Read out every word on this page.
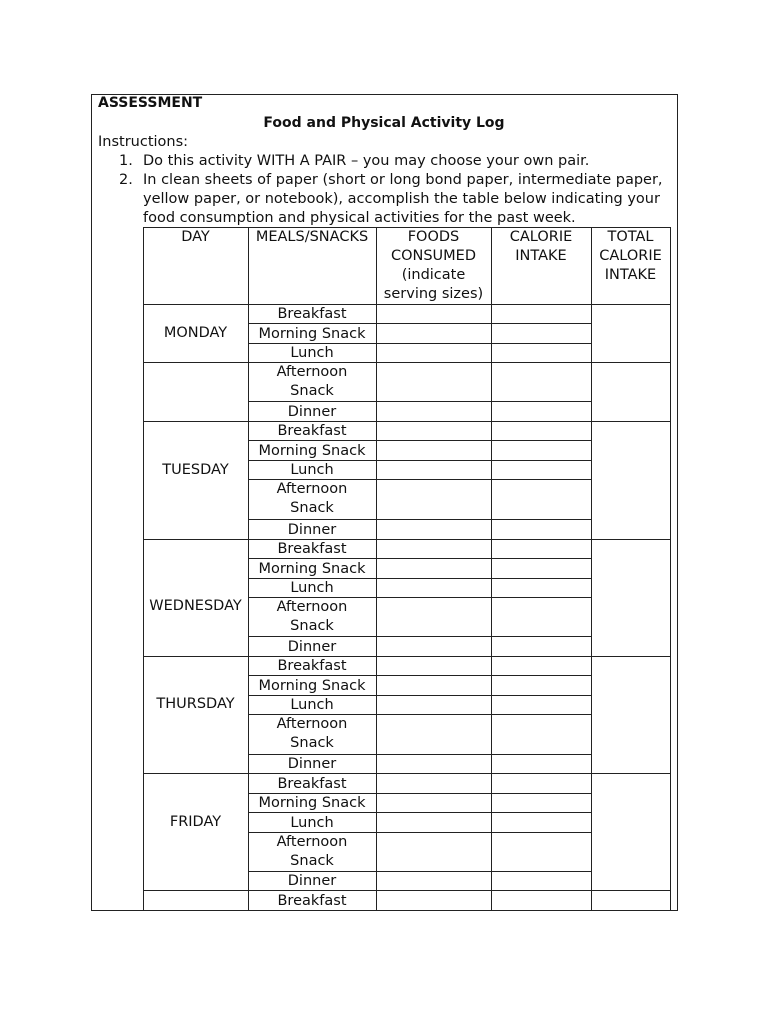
ASSESSMENT
Food and Physical Activity Log
Instructions:
1. Do this activity WITH A PAIR – you may choose your own pair.
2. In clean sheets of paper (short or long bond paper, intermediate paper,
yellow paper, or notebook), accomplish the table below indicating your
food consumption and physical activities for the past week.
DAY	MEALS/SNACKS	FOODS
CONSUMED
(indicate
serving sizes)
CALORIE
INTAKE
TOTAL
CALORIE
INTAKE
MONDAY
TUESDAY
WEDNESDAY
THURSDAY
FRIDAY
Breakfast
Morning Snack
Lunch
Afternoon
Snack
Dinner
Breakfast
Morning Snack
Lunch
Afternoon
Snack
Dinner
Breakfast
Morning Snack
Lunch
Afternoon
Snack
Dinner
Breakfast
Morning Snack
Lunch
Afternoon
Snack
Dinner
Breakfast
Morning Snack
Lunch
Afternoon
Snack
Dinner
Breakfast
